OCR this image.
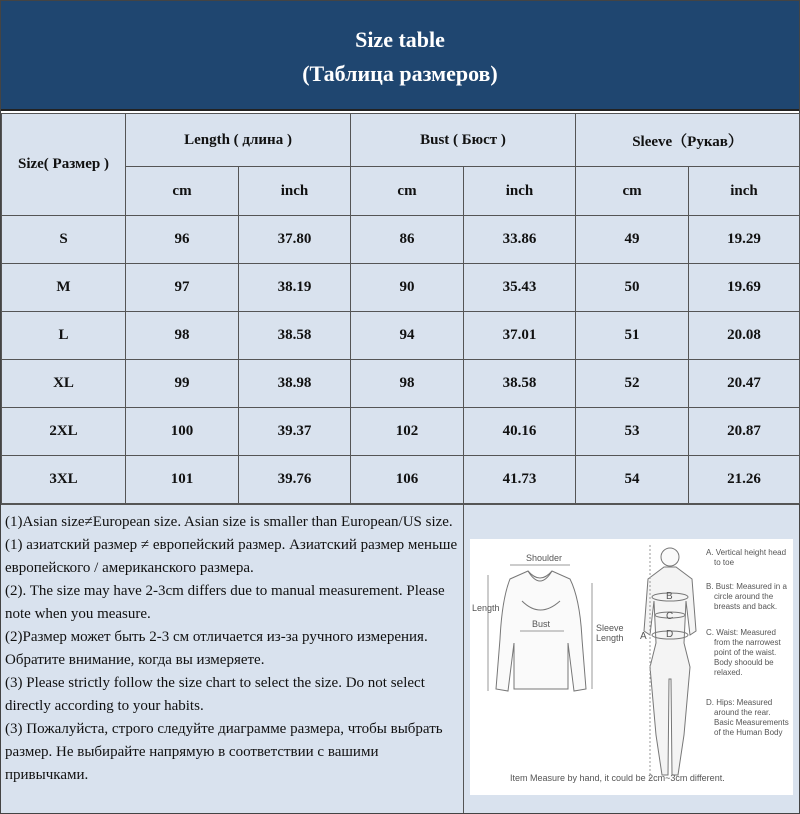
Size table
(Таблица размеров)
Size( Размер )	Length ( длина )		Bust ( Бюст )		Sleeve（Рукав）	
	cm	inch	cm	inch	cm	inch
S	96	37.80	86	33.86	49	19.29
M	97	38.19	90	35.43	50	19.69
L	98	38.58	94	37.01	51	20.08
XL	99	38.98	98	38.58	52	20.47
2XL	100	39.37	102	40.16	53	20.87
3XL	101	39.76	106	41.73	54	21.26

(1)Asian size≠European size. Asian size is smaller than European/US size.

(1) азиатский размер ≠ европейский размер. Азиатский размер меньше европейского / американского размера.

(2). The size may have 2-3cm differs due to manual measurement. Please note when you measure.

(2)Размер может быть 2-3 см отличается из-за ручного измерения. Обратите внимание, когда вы измеряете.

(3) Please strictly follow the size chart to select the size. Do not select directly according to your habits.

(3) Пожалуйста, строго следуйте диаграмме размера, чтобы выбрать размер. Не выбирайте напрямую в соответствии с вашими привычками.

Shoulder
Length
Bust	Sleeve
Length A
B
C
D
A. Vertical height head to toe
B. Bust: Measured in a circle around the breasts and back.
C. Waist: Measured from the narrowest point of the waist. Body shoould be relaxed.
D. Hips: Measured around the rear. Basic Measurements of the Human Body
Item Measure by hand, it could be 2cm~3cm different.
